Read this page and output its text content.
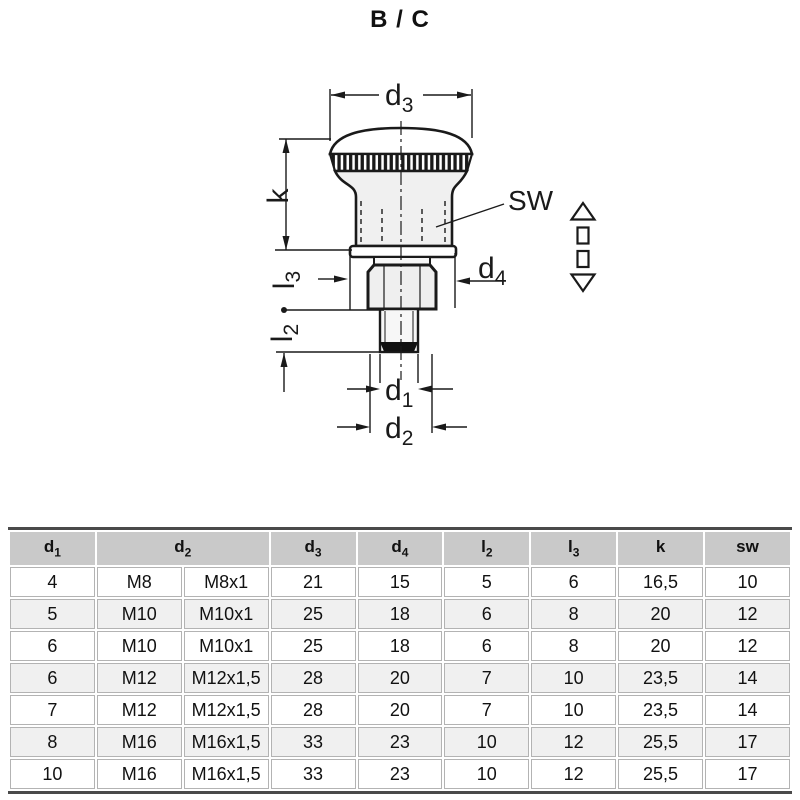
B / C
$d_3$
k
$l_3$
$l_2$
$d_4$
$d_1$
$d_2$
SW
$d_1$	$d_2$		$d_3$	$d_4$	$l_2$	$l_3$	k	sw
4	M8	M8x1	21	15	5	6	16,5	10
5	M10	M10x1	25	18	6	8	20	12
6	M10	M10x1	25	18	6	8	20	12
6	M12	M12x1,5	28	20	7	10	23,5	14
7	M12	M12x1,5	28	20	7	10	23,5	14
8	M16	M16x1,5	33	23	10	12	25,5	17
10	M16	M16x1,5	33	23	10	12	25,5	17
